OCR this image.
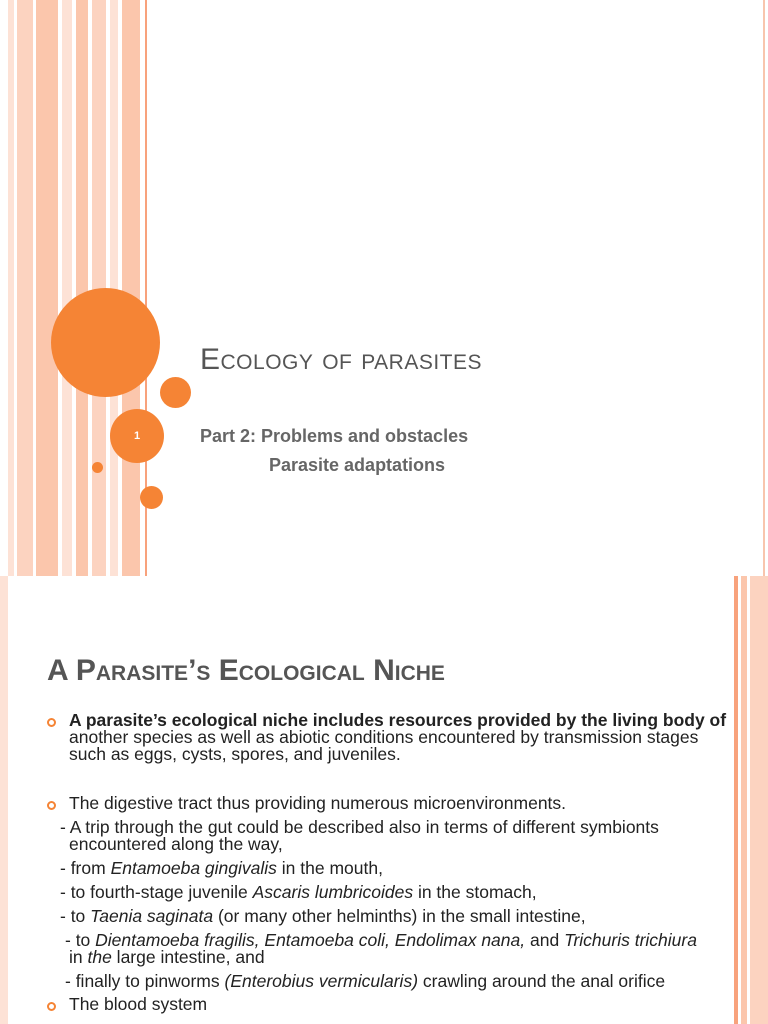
1
Ecology of parasites
Part 2: Problems and obstacles
Parasite adaptations
A Parasite’s Ecological Niche
A parasite’s ecological niche includes resources provided by the living body of another species as well as abiotic conditions encountered by transmission stages such as eggs, cysts, spores, and juveniles.
The digestive tract thus providing numerous microenvironments.
- A trip through the gut could be described also in terms of different symbionts
encountered along the way,
- from Entamoeba gingivalis in the mouth,
- to fourth-stage juvenile Ascaris lumbricoides in the stomach,
- to Taenia saginata (or many other helminths) in the small intestine,
- to Dientamoeba fragilis, Entamoeba coli, Endolimax nana, and Trichuris trichiura
in the large intestine, and
- finally to pinworms (Enterobius vermicularis) crawling around the anal orifice
The blood system
